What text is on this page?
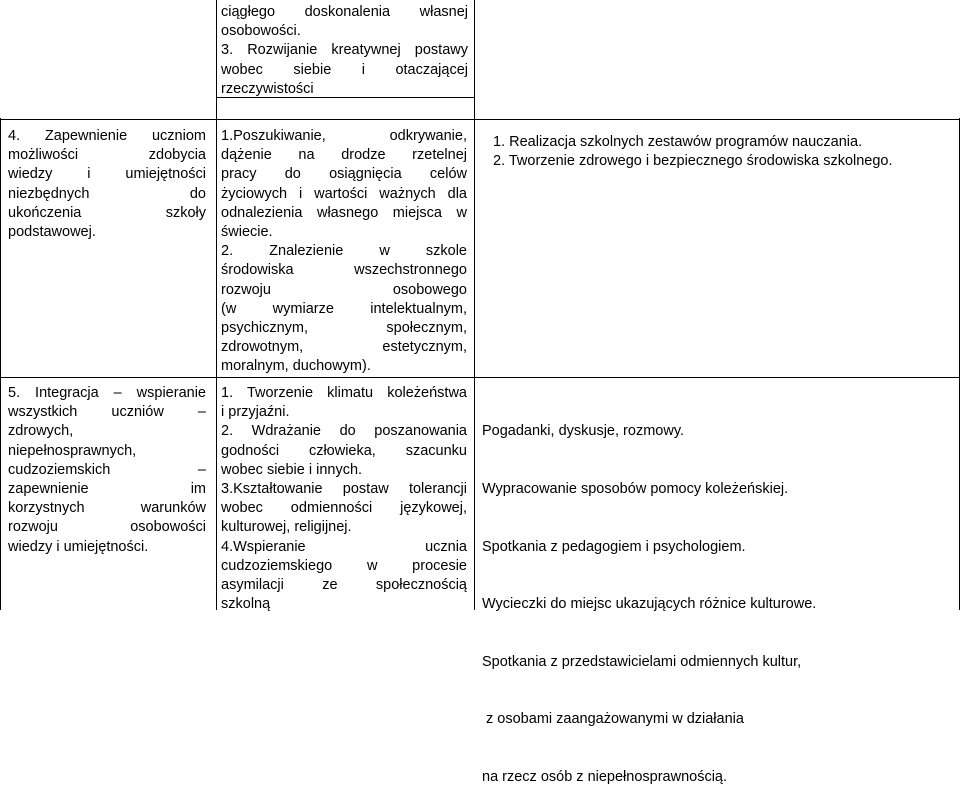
ciągłego doskonalenia własnej

osobowości.

3. Rozwijanie kreatywnej postawy

wobec siebie i otaczającej

rzeczywistości

4. Zapewnienie uczniom

możliwości zdobycia

wiedzy i umiejętności

niezbędnych do

ukończenia szkoły

podstawowej.

1.Poszukiwanie, odkrywanie,

dążenie na drodze rzetelnej

pracy do osiągnięcia celów

życiowych i wartości ważnych dla

odnalezienia własnego miejsca w

świecie.

2. Znalezienie w szkole

środowiska wszechstronnego

rozwoju osobowego

(w wymiarze intelektualnym,

psychicznym, społecznym,

zdrowotnym, estetycznym,

moralnym, duchowym).

1. Realizacja szkolnych zestawów programów nauczania.

2. Tworzenie zdrowego i bezpiecznego środowiska szkolnego.

5. Integracja – wspieranie

wszystkich uczniów –

zdrowych,

niepełnosprawnych,

cudzoziemskich –

zapewnienie im

korzystnych warunków

rozwoju osobowości

wiedzy i umiejętności.

1. Tworzenie klimatu koleżeństwa

i przyjaźni.

2. Wdrażanie do poszanowania

godności człowieka, szacunku

wobec siebie i innych.

3.Kształtowanie postaw tolerancji

wobec odmienności językowej,

kulturowej, religijnej.

4.Wspieranie ucznia

cudzoziemskiego w procesie

asymilacji ze społecznością

szkolną

Pogadanki, dyskusje, rozmowy.

Wypracowanie sposobów pomocy koleżeńskiej.

Spotkania z pedagogiem i psychologiem.

Wycieczki do miejsc ukazujących różnice kulturowe.

Spotkania z przedstawicielami odmiennych kultur,

z osobami zaangażowanymi w działania

na rzecz osób z niepełnosprawnością.
